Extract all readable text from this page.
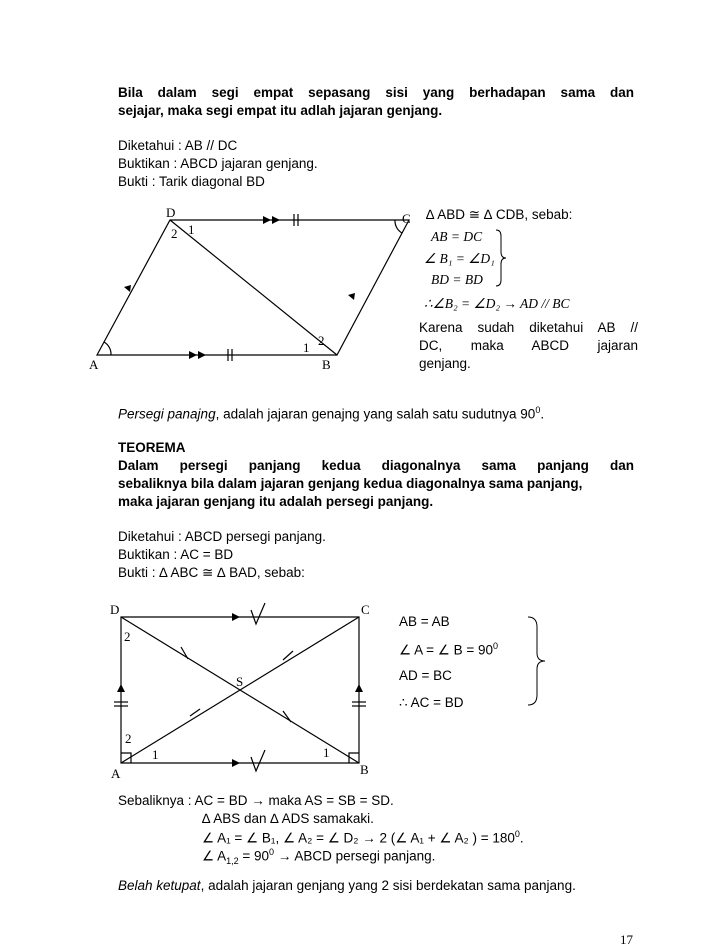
Bila dalam segi empat sepasang sisi yang berhadapan sama dan
sejajar, maka segi empat itu adlah jajaran genjang.
Diketahui : AB // DC
Buktikan : ABCD jajaran genjang.
Bukti : Tarik diagonal BD
D	C
A	B
2 1
2
1
∆ ABD ≅ ∆ CDB, sebab:
AB = DC
∠ B₁ = ∠D₁
BD = BD
∴∠B₂ = ∠D₂ → AD // BC
Karena sudah diketahui AB //
DC, maka ABCD jajaran
genjang.
Persegi panajng, adalah jajaran genajng yang salah satu sudutnya $90^0$.
TEOREMA
Dalam persegi panjang kedua diagonalnya sama panjang dan
sebaliknya bila dalam jajaran genjang kedua diagonalnya sama panjang,
maka jajaran genjang itu adalah persegi panjang.
Diketahui : ABCD persegi panjang.
Buktikan : AC = BD
Bukti : ∆ ABC ≅ ∆ BAD, sebab:
D	C
A	B
S
2
2
1	1
AB = AB
∠ A = ∠ $B = 90^0$
AD = BC
∴ AC = BD
Sebaliknya : AC = BD → maka AS = SB = SD.
∆ ABS dan ∆ ADS samakaki.
∠ A₁ = ∠ B₁, ∠ A₂ = ∠ D₂ → 2 (∠ A₁ + ∠ A₂ ) = $180^0$.
∠ $A_{1,2} = 90^0$ → ABCD persegi panjang.
Belah ketupat, adalah jajaran genjang yang 2 sisi berdekatan sama panjang.
17
